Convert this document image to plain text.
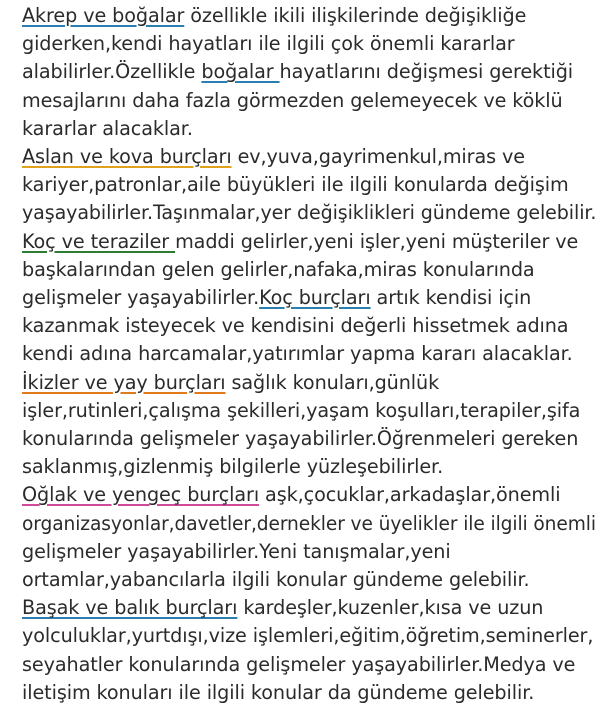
Akrep ve boğalar özellikle ikili ilişkilerinde değişikliğe
giderken,kendi hayatları ile ilgili çok önemli kararlar
alabilirler.Özellikle boğalar hayatlarını değişmesi gerektiği
mesajlarını daha fazla görmezden gelemeyecek ve köklü
kararlar alacaklar.
Aslan ve kova burçları ev,yuva,gayrimenkul,miras ve
kariyer,patronlar,aile büyükleri ile ilgili konularda değişim
yaşayabilirler.Taşınmalar,yer değişiklikleri gündeme gelebilir.
Koç ve teraziler maddi gelirler,yeni işler,yeni müşteriler ve
başkalarından gelen gelirler,nafaka,miras konularında
gelişmeler yaşayabilirler.Koç burçları artık kendisi için
kazanmak isteyecek ve kendisini değerli hissetmek adına
kendi adına harcamalar,yatırımlar yapma kararı alacaklar.
İkizler ve yay burçları sağlık konuları,günlük
işler,rutinleri,çalışma şekilleri,yaşam koşulları,terapiler,şifa
konularında gelişmeler yaşayabilirler.Öğrenmeleri gereken
saklanmış,gizlenmiş bilgilerle yüzleşebilirler.
Oğlak ve yengeç burçları aşk,çocuklar,arkadaşlar,önemli
organizasyonlar,davetler,dernekler ve üyelikler ile ilgili önemli
gelişmeler yaşayabilirler.Yeni tanışmalar,yeni
ortamlar,yabancılarla ilgili konular gündeme gelebilir.
Başak ve balık burçları kardeşler,kuzenler,kısa ve uzun
yolculuklar,yurtdışı,vize işlemleri,eğitim,öğretim,seminerler,
seyahatler konularında gelişmeler yaşayabilirler.Medya ve
iletişim konuları ile ilgili konular da gündeme gelebilir.
